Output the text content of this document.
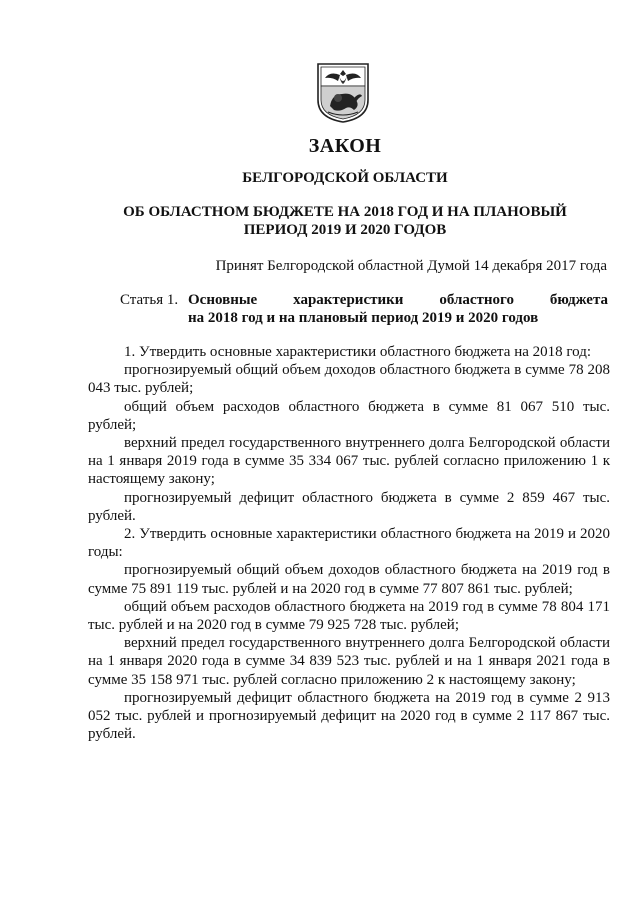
ЗАКОН
БЕЛГОРОДСКОЙ ОБЛАСТИ
ОБ ОБЛАСТНОМ БЮДЖЕТЕ НА 2018 ГОД И НА ПЛАНОВЫЙ
ПЕРИОД 2019 И 2020 ГОДОВ

Принят Белгородской областной Думой 14 декабря 2017 года

Статья 1. Основные характеристики областного бюджета

на 2018 год и на плановый период 2019 и 2020 годов

1. Утвердить основные характеристики областного бюджета на 2018 год:

прогнозируемый общий объем доходов областного бюджета в сумме 78 208 043 тыс. рублей;

общий объем расходов областного бюджета в сумме 81 067 510 тыс. рублей;

верхний предел государственного внутреннего долга Белгородской области на 1 января 2019 года в сумме 35 334 067 тыс. рублей согласно приложению 1 к настоящему закону;

прогнозируемый дефицит областного бюджета в сумме 2 859 467 тыс. рублей.

2. Утвердить основные характеристики областного бюджета на 2019 и 2020 годы:

прогнозируемый общий объем доходов областного бюджета на 2019 год в сумме 75 891 119 тыс. рублей и на 2020 год в сумме 77 807 861 тыс. рублей;

общий объем расходов областного бюджета на 2019 год в сумме 78 804 171 тыс. рублей и на 2020 год в сумме 79 925 728 тыс. рублей;

верхний предел государственного внутреннего долга Белгородской области на 1 января 2020 года в сумме 34 839 523 тыс. рублей и на 1 января 2021 года в сумме 35 158 971 тыс. рублей согласно приложению 2 к настоящему закону;

прогнозируемый дефицит областного бюджета на 2019 год в сумме 2 913 052 тыс. рублей и прогнозируемый дефицит на 2020 год в сумме 2 117 867 тыс. рублей.
